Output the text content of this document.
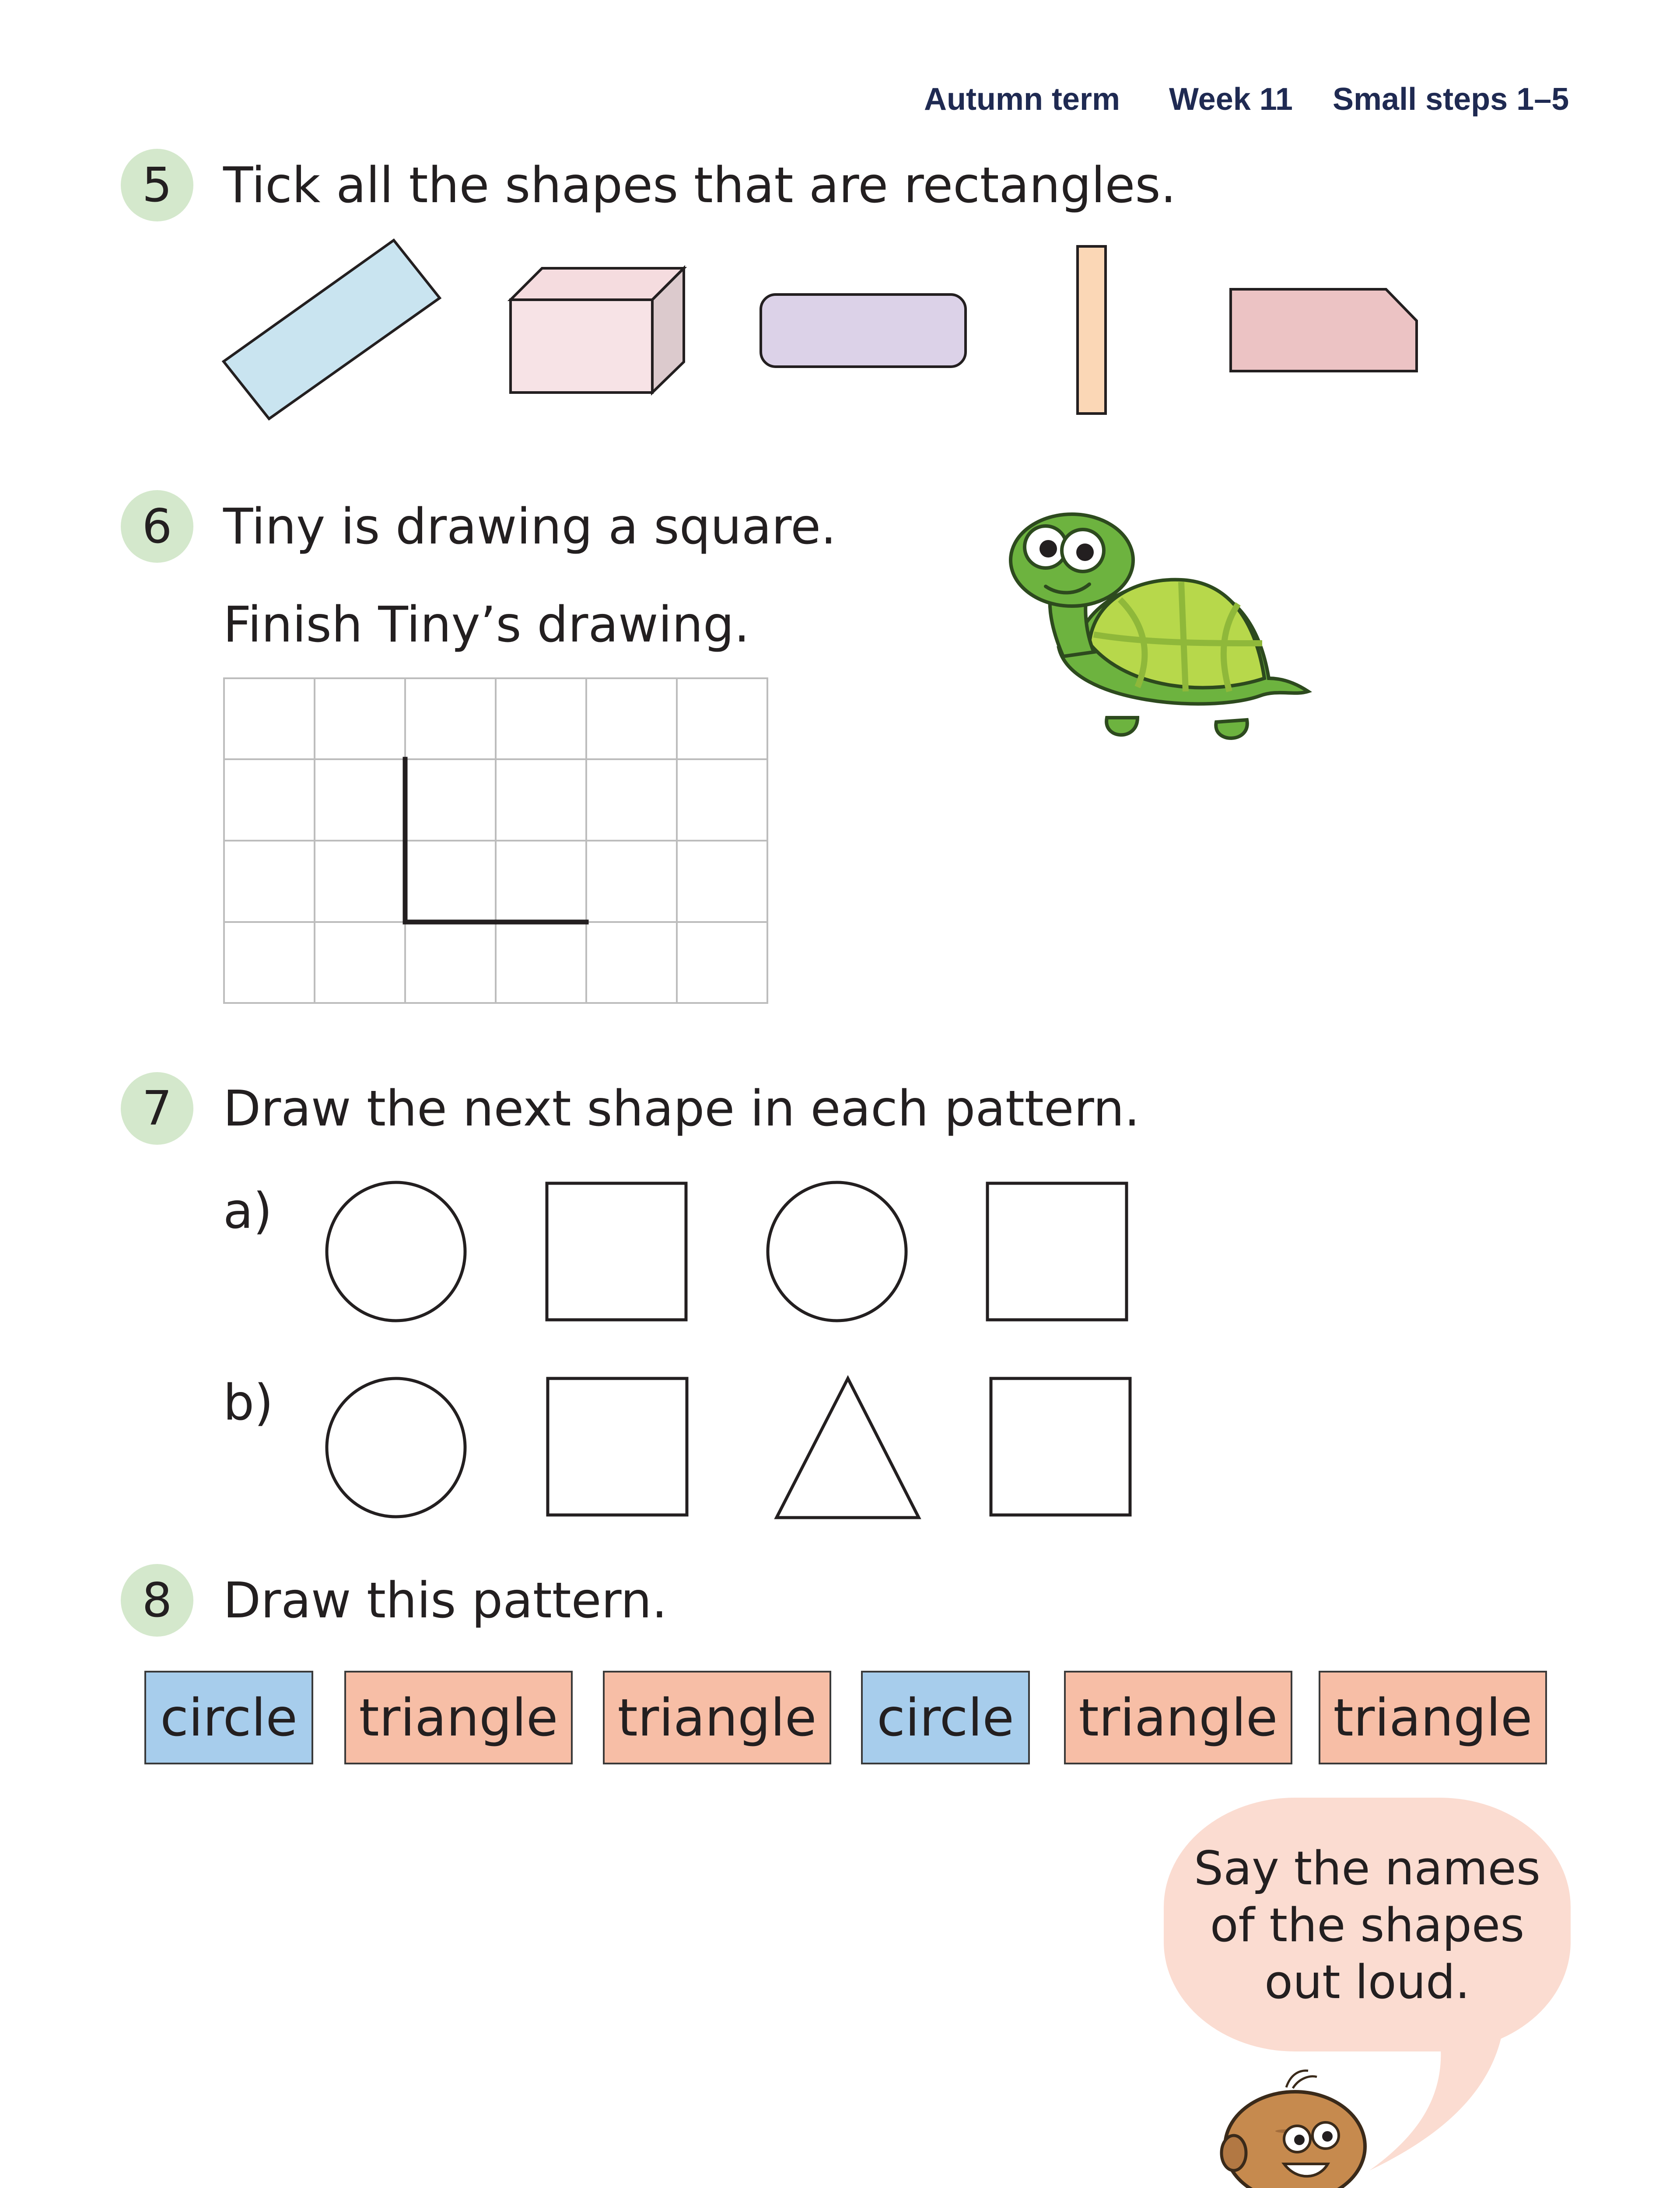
Autumn term Week 11 Small steps 1–5
5 Tick all the shapes that are rectangles.
6 Tiny is drawing a square.
Finish Tiny’s drawing.
7 Draw the next shape in each pattern.
a)
b)
8 Draw this pattern.
circle	triangle triangle	circle	triangle triangle
Say the names
of the shapes
out loud.
